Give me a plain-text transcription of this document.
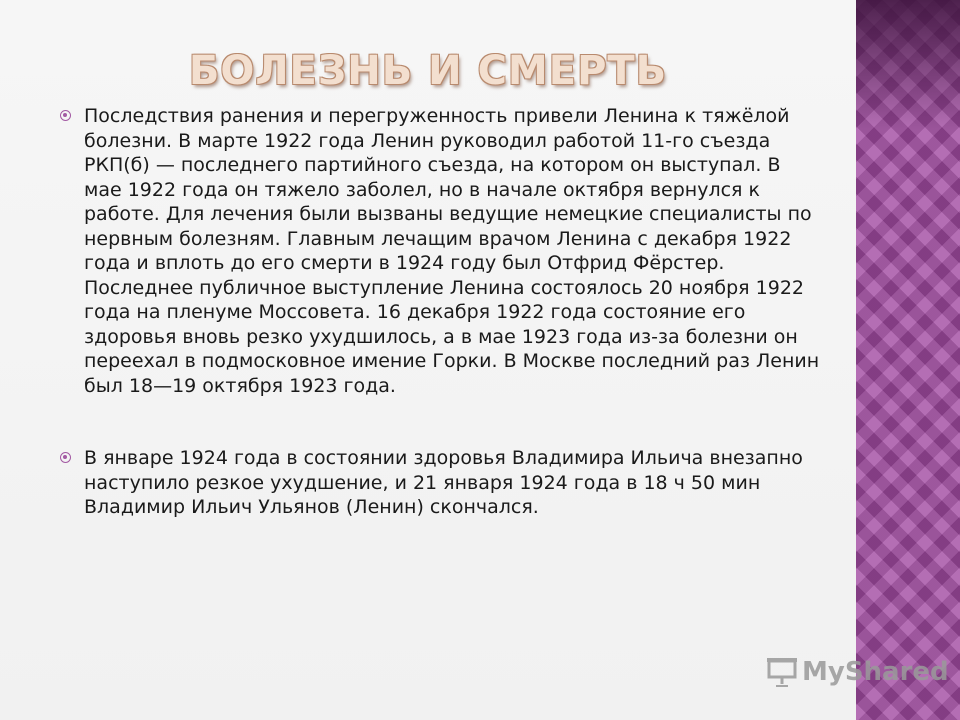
БОЛЕЗНЬ И СМЕРТЬ
Последствия ранения и перегруженность привели Ленина к тяжёлой болезни. В марте 1922 года Ленин руководил работой 11-го съезда РКП(б) — последнего партийного съезда, на котором он выступал. В мае 1922 года он тяжело заболел, но в начале октября вернулся к работе. Для лечения были вызваны ведущие немецкие специалисты по нервным болезням. Главным лечащим врачом Ленина с декабря 1922 года и вплоть до его смерти в 1924 году был Отфрид Фёрстер. Последнее публичное выступление Ленина состоялось 20 ноября 1922 года на пленуме Моссовета. 16 декабря 1922 года состояние его здоровья вновь резко ухудшилось, а в мае 1923 года из-за болезни он переехал в подмосковное имение Горки. В Москве последний раз Ленин был 18—19 октября 1923 года.
В январе 1924 года в состоянии здоровья Владимира Ильича внезапно наступило резкое ухудшение, и 21 января 1924 года в 18 ч 50 мин Владимир Ильич Ульянов (Ленин) скончался.
MyShared
